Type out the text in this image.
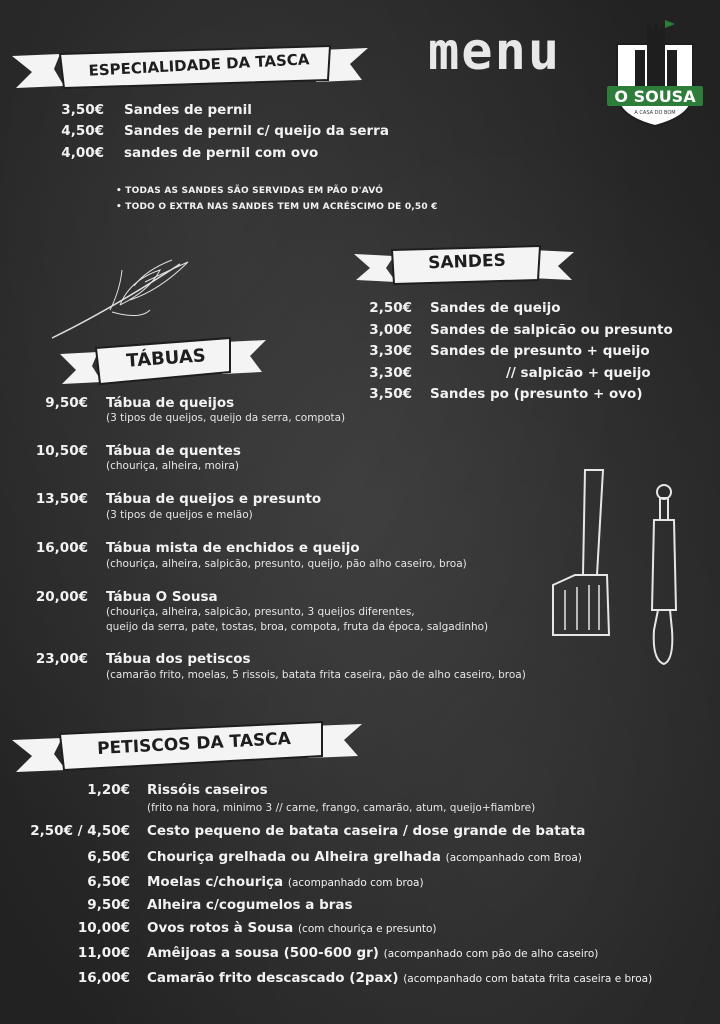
ESPECIALIDADE DA TASCA	menu
O SOUSA
A CASA DO BOM
3,50€ Sandes de pernil
4,50€ Sandes de pernil c/ queijo da serra
4,00€ sandes de pernil com ovo
• TODAS AS SANDES SÃO SERVIDAS EM PÃO D'AVÓ
• TODO O EXTRA NAS SANDES TEM UM ACRÉSCIMO DE 0,50 €
SANDES
2,50€ Sandes de queijo
3,00€ Sandes de salpicão ou presunto
3,30€ Sandes de presunto + queijo
3,30€	// salpicão + queijo
3,50€ Sandes po (presunto + ovo)
TÁBUAS
9,50€ Tábua de queijos
(3 tipos de queijos, queijo da serra, compota)
10,50€ Tábua de quentes
(chouriça, alheira, moira)
13,50€ Tábua de queijos e presunto
(3 tipos de queijos e melão)
16,00€ Tábua mista de enchidos e queijo
(chouriça, alheira, salpicão, presunto, queijo, pão alho caseiro, broa)
20,00€ Tábua O Sousa
(chouriça, alheira, salpicão, presunto, 3 queijos diferentes,
queijo da serra, pate, tostas, broa, compota, fruta da época, salgadinho)
23,00€ Tábua dos petiscos
(camarão frito, moelas, 5 rissois, batata frita caseira, pão de alho caseiro, broa)
PETISCOS DA TASCA
1,20€ Rissóis caseiros
(frito na hora, minimo 3 // carne, frango, camarão, atum, queijo+fiambre)
2,50€ / 4,50€ Cesto pequeno de batata caseira / dose grande de batata
6,50€ Chouriça grelhada ou Alheira grelhada (acompanhado com Broa)
6,50€ Moelas c/chouriça (acompanhado com broa)
9,50€ Alheira c/cogumelos a bras
10,00€ Ovos rotos à Sousa (com chouriça e presunto)
11,00€ Amêijoas a sousa (500-600 gr) (acompanhado com pão de alho caseiro)
16,00€ Camarão frito descascado (2pax) (acompanhado com batata frita caseira e broa)
